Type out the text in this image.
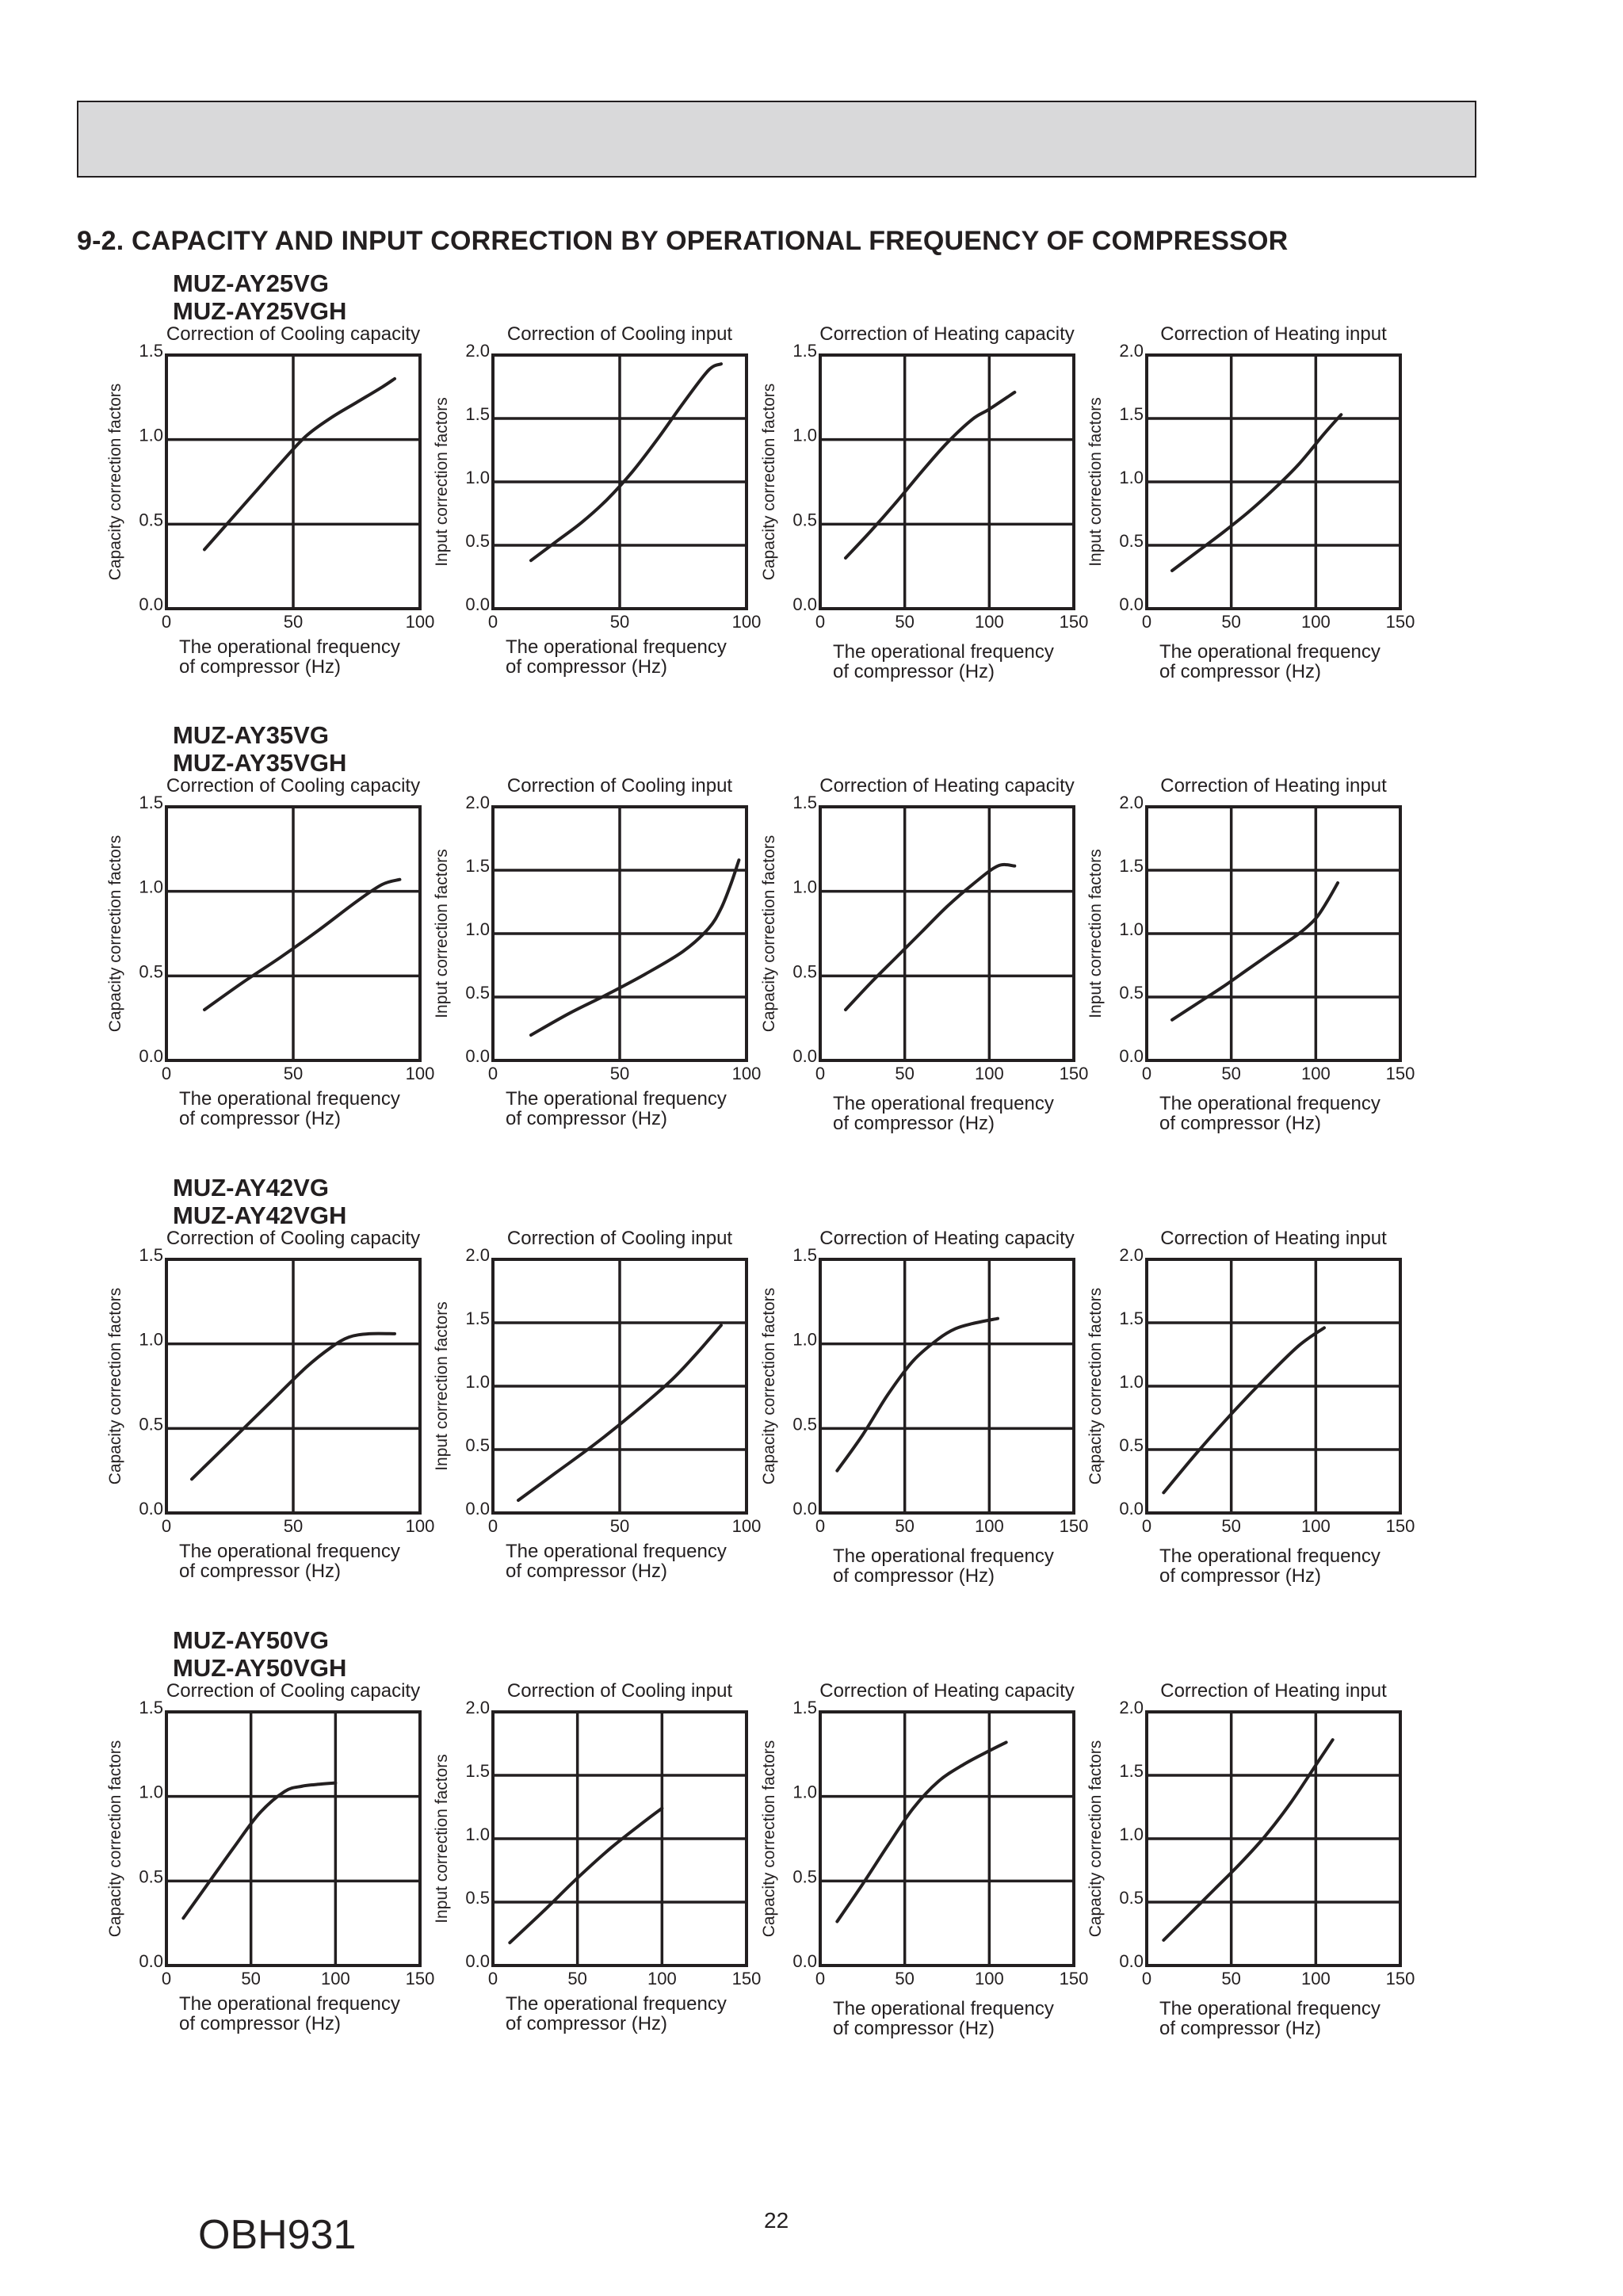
9-2. CAPACITY AND INPUT CORRECTION BY OPERATIONAL FREQUENCY OF COMPRESSOR
MUZ-AY25VG
MUZ-AY25VGH
MUZ-AY35VG
MUZ-AY35VGH
MUZ-AY42VG
MUZ-AY42VGH
MUZ-AY50VG
MUZ-AY50VGH
Correction of Cooling capacity
0.0
0.5
1.0
1.5
0	50	100
Capacity correction factors
The operational frequency
of compressor (Hz)
Correction of Cooling input
0.0
0.5
1.0
1.5
2.0
0	50	100
Input correction factors
The operational frequency
of compressor (Hz)
Correction of Heating capacity
0.0
0.5
1.0
1.5
0	50	100	150
Capacity correction factors
The operational frequency
of compressor (Hz)
Correction of Heating input
0.0
0.5
1.0
1.5
2.0
0	50	100	150
Input correction factors
The operational frequency
of compressor (Hz)
Correction of Cooling capacity
0.0
0.5
1.0
1.5
0	50	100
Capacity correction factors
The operational frequency
of compressor (Hz)
Correction of Cooling input
0.0
0.5
1.0
1.5
2.0
0	50	100
Input correction factors
The operational frequency
of compressor (Hz)
Correction of Heating capacity
0.0
0.5
1.0
1.5
0	50	100	150
Capacity correction factors
The operational frequency
of compressor (Hz)
Correction of Heating input
0.0
0.5
1.0
1.5
2.0
0	50	100	150
Input correction factors
The operational frequency
of compressor (Hz)
Correction of Cooling capacity
0.0
0.5
1.0
1.5
0	50	100
Capacity correction factors
The operational frequency
of compressor (Hz)
Correction of Cooling input
0.0
0.5
1.0
1.5
2.0
0	50	100
Input correction factors
The operational frequency
of compressor (Hz)
Correction of Heating capacity
0.0
0.5
1.0
1.5
0	50	100	150
Capacity correction factors
The operational frequency
of compressor (Hz)
Correction of Heating input
0.0
0.5
1.0
1.5
2.0
0	50	100	150
Capacity correction factors
The operational frequency
of compressor (Hz)
Correction of Cooling capacity
0.0
0.5
1.0
1.5
0	50	100	150
Capacity correction factors
The operational frequency
of compressor (Hz)
Correction of Cooling input
0.0
0.5
1.0
1.5
2.0
0	50	100	150
Input correction factors
The operational frequency
of compressor (Hz)
Correction of Heating capacity
0.0
0.5
1.0
1.5
0	50	100	150
Capacity correction factors
The operational frequency
of compressor (Hz)
Correction of Heating input
0.0
0.5
1.0
1.5
2.0
0	50	100	150
Capacity correction factors
The operational frequency
of compressor (Hz)
OBH931	22
